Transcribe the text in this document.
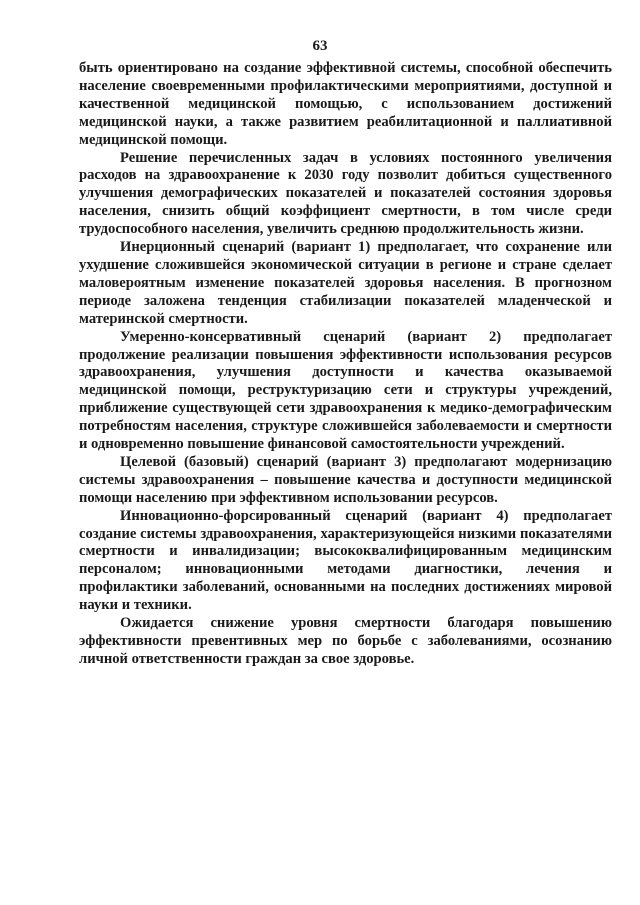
63

быть ориентировано на создание эффективной системы, способной обеспечить население своевременными профилактическими мероприятиями, доступной и качественной медицинской помощью, с использованием достижений медицинской науки, а также развитием реабилитационной и паллиативной медицинской помощи.

Решение перечисленных задач в условиях постоянного увеличения расходов на здравоохранение к 2030 году позволит добиться существенного улучшения демографических показателей и показателей состояния здоровья населения, снизить общий коэффициент смертности, в том числе среди трудоспособного населения, увеличить среднюю продолжительность жизни.

Инерционный сценарий (вариант 1) предполагает, что сохранение или ухудшение сложившейся экономической ситуации в регионе и стране сделает маловероятным изменение показателей здоровья населения. В прогнозном периоде заложена тенденция стабилизации показателей младенческой и материнской смертности.

Умеренно-консервативный сценарий (вариант 2) предполагает продолжение реализации повышения эффективности использования ресурсов здравоохранения, улучшения доступности и качества оказываемой медицинской помощи, реструктуризацию сети и структуры учреждений, приближение существующей сети здравоохранения к медико-демографическим потребностям населения, структуре сложившейся заболеваемости и смертности и одновременно повышение финансовой самостоятельности учреждений.

Целевой (базовый) сценарий (вариант 3) предполагают модернизацию системы здравоохранения – повышение качества и доступности медицинской помощи населению при эффективном использовании ресурсов.

Инновационно-форсированный сценарий (вариант 4) предполагает создание системы здравоохранения, характеризующейся низкими показателями смертности и инвалидизации; высококвалифицированным медицинским персоналом; инновационными методами диагностики, лечения и профилактики заболеваний, основанными на последних достижениях мировой науки и техники.

Ожидается снижение уровня смертности благодаря повышению эффективности превентивных мер по борьбе с заболеваниями, осознанию личной ответственности граждан за свое здоровье.
